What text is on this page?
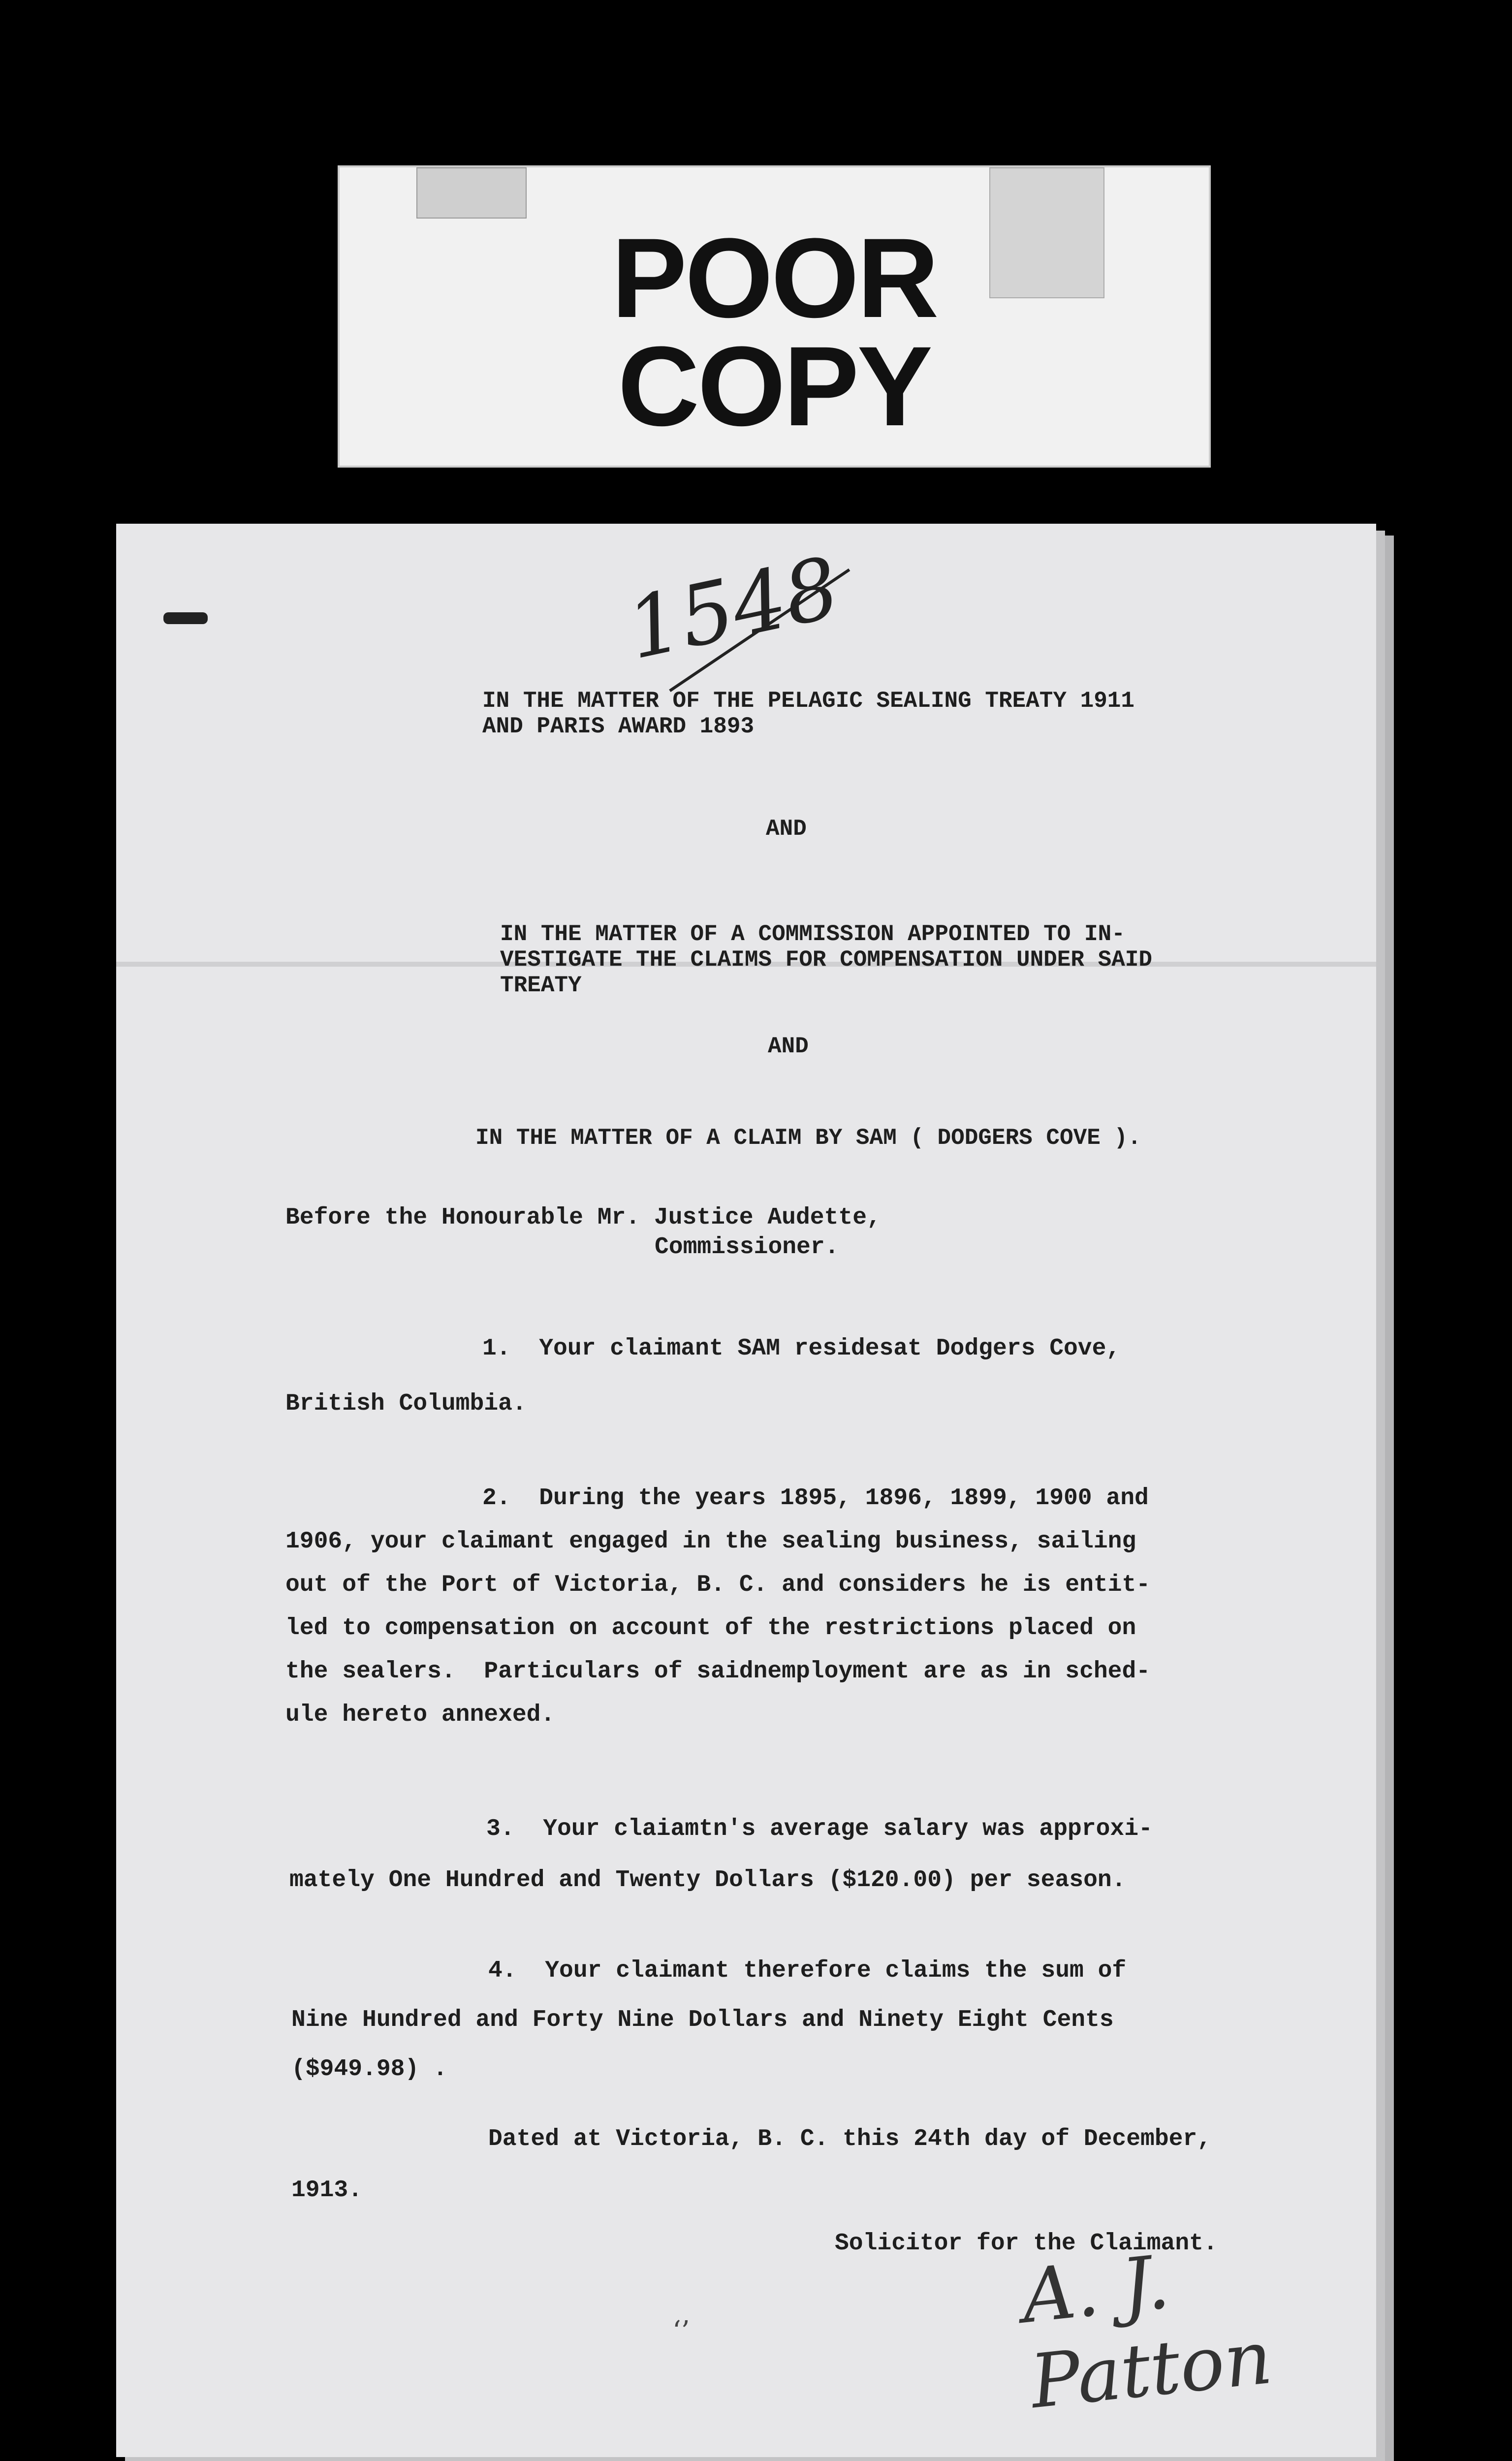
POOR
COPY
1548
IN THE MATTER OF THE PELAGIC SEALING TREATY 1911
AND PARIS AWARD 1893
AND
IN THE MATTER OF A COMMISSION APPOINTED TO IN-
VESTIGATE THE CLAIMS FOR COMPENSATION UNDER SAID
TREATY
AND
IN THE MATTER OF A CLAIM BY SAM ( DODGERS COVE ).
Before the Honourable Mr. Justice Audette,
Commissioner.
1.  Your claimant SAM residesat Dodgers Cove,
British Columbia.
2.  During the years 1895, 1896, 1899, 1900 and
1906, your claimant engaged in the sealing business, sailing
out of the Port of Victoria, B. C. and considers he is entit-
led to compensation on account of the restrictions placed on
the sealers.  Particulars of saidnemployment are as in sched-
ule hereto annexed.
3.  Your claiamtn's average salary was approxi-
mately One Hundred and Twenty Dollars ($120.00) per season.
4.  Your claimant therefore claims the sum of
Nine Hundred and Forty Nine Dollars and Ninety Eight Cents
($949.98) .
Dated at Victoria, B. C. this 24th day of December,
1913.
Solicitor for the Claimant.
‘’	A. J. Patton
